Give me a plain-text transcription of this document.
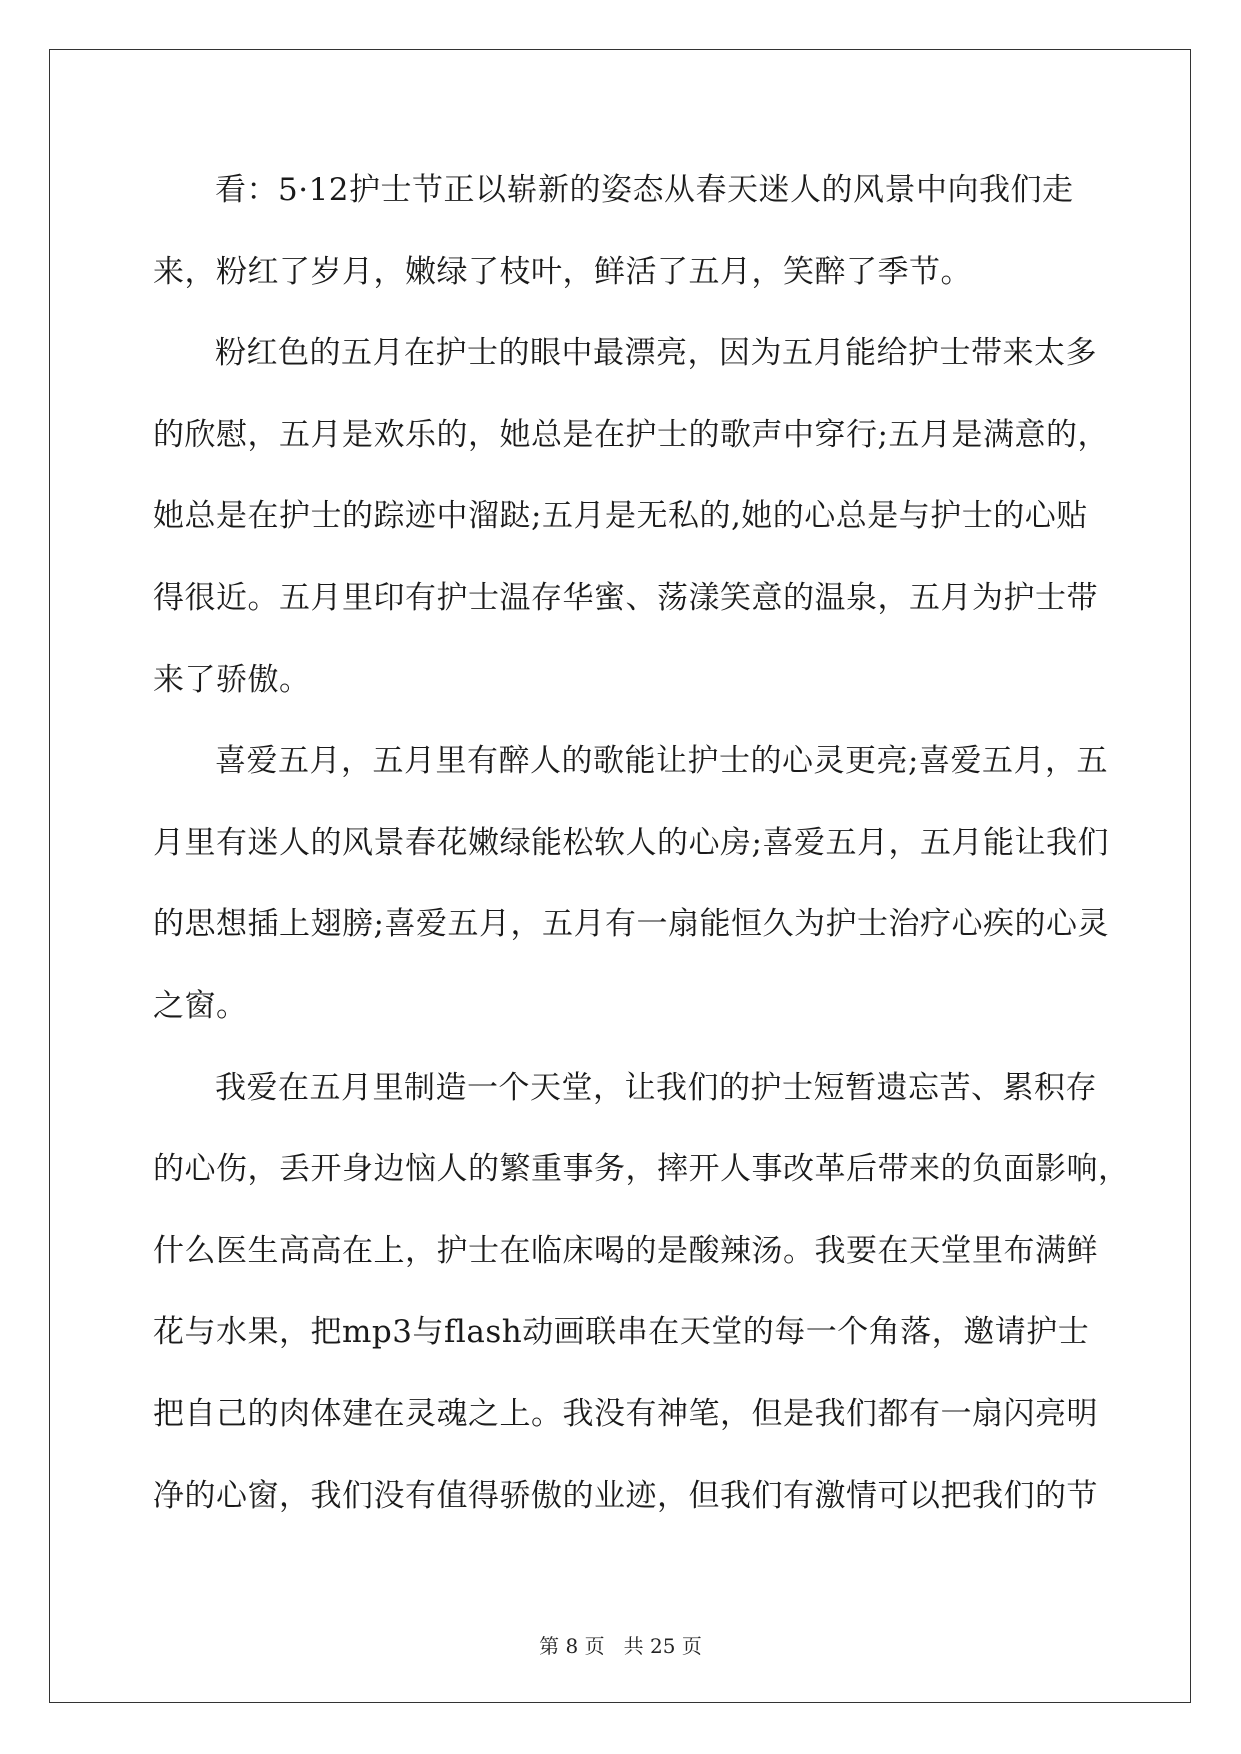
看：5·12护士节正以崭新的姿态从春天迷人的风景中向我们走
来，粉红了岁月，嫩绿了枝叶，鲜活了五月，笑醉了季节。
粉红色的五月在护士的眼中最漂亮，因为五月能给护士带来太多
的欣慰，五月是欢乐的，她总是在护士的歌声中穿行;五月是满意的，
她总是在护士的踪迹中溜跶;五月是无私的,她的心总是与护士的心贴
得很近。五月里印有护士温存华蜜、荡漾笑意的温泉，五月为护士带
来了骄傲。
喜爱五月，五月里有醉人的歌能让护士的心灵更亮;喜爱五月，五
月里有迷人的风景春花嫩绿能松软人的心房;喜爱五月，五月能让我们
的思想插上翅膀;喜爱五月，五月有一扇能恒久为护士治疗心疾的心灵
之窗。
我爱在五月里制造一个天堂，让我们的护士短暂遗忘苦、累积存
的心伤，丢开身边恼人的繁重事务，摔开人事改革后带来的负面影响，
什么医生高高在上，护士在临床喝的是酸辣汤。我要在天堂里布满鲜
花与水果，把mp3与flash动画联串在天堂的每一个角落，邀请护士
把自己的肉体建在灵魂之上。我没有神笔，但是我们都有一扇闪亮明
净的心窗，我们没有值得骄傲的业迹，但我们有激情可以把我们的节
第 8 页   共 25 页
